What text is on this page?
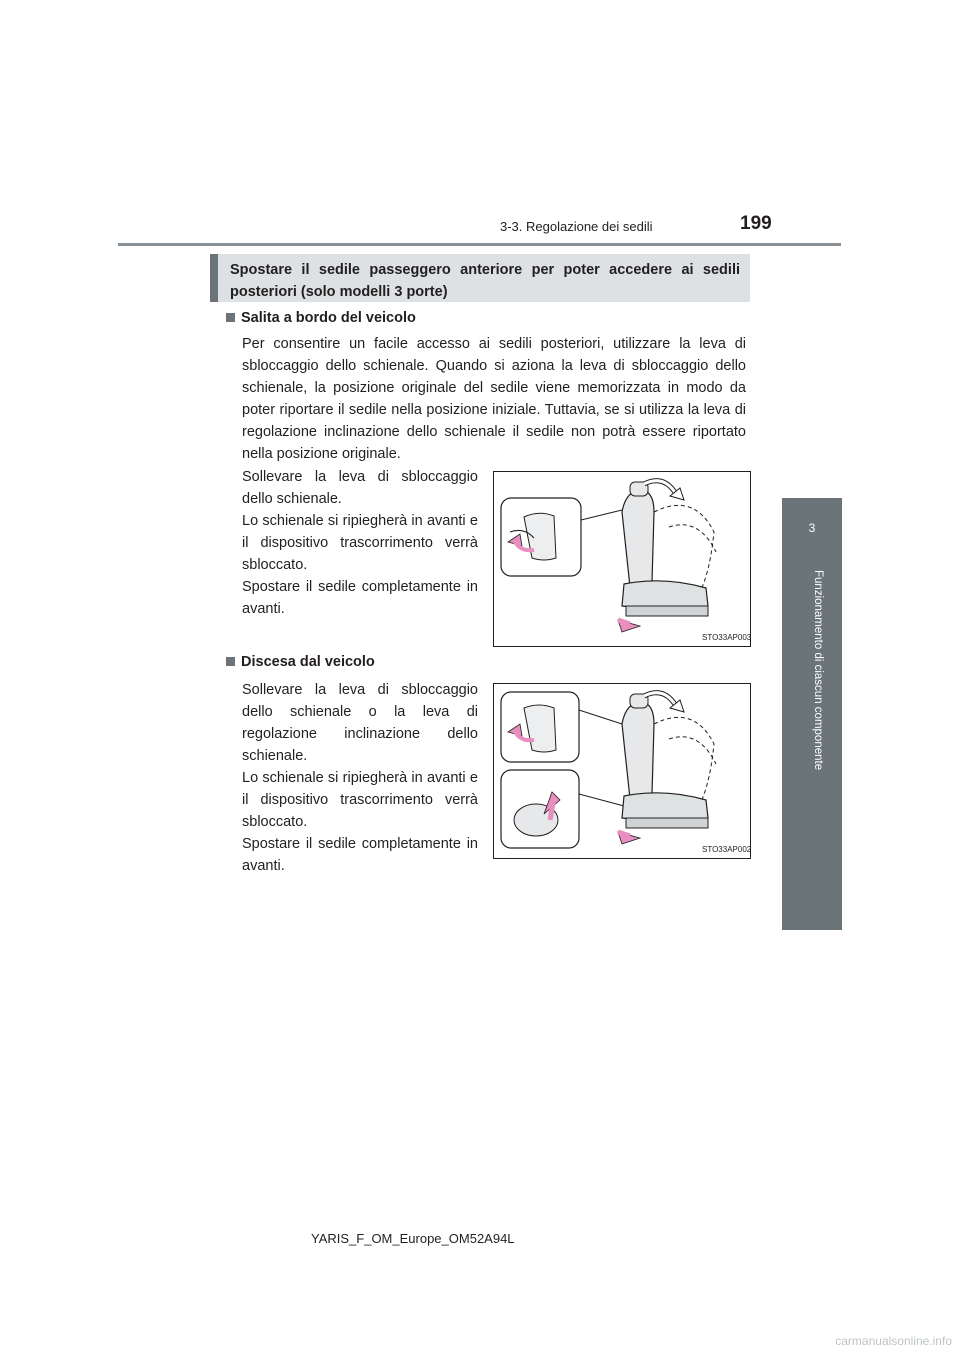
3-3. Regolazione dei sedili	199
3
Funzionamento di ciascun componente
Spostare il sedile passeggero anteriore per poter accedere ai sedili posteriori (solo modelli 3 porte)
Salita a bordo del veicolo
Per consentire un facile accesso ai sedili posteriori, utilizzare la leva di sbloccaggio dello schienale. Quando si aziona la leva di sbloccaggio dello schienale, la posizione originale del sedile viene memorizzata in modo da poter riportare il sedile nella posizione iniziale. Tuttavia, se si utilizza la leva di regolazione inclinazione dello schienale il sedile non potrà essere riportato nella posizione originale.
Sollevare la leva di sbloccaggio dello schienale.
Lo schienale si ripiegherà in avanti e il dispositivo trascorrimento verrà sbloccato.
Spostare il sedile completamente in avanti.
STO33AP003
Discesa dal veicolo
Sollevare la leva di sbloccaggio dello schienale o la leva di regolazione inclinazione dello schienale.
Lo schienale si ripiegherà in avanti e il dispositivo trascorrimento verrà sbloccato.
Spostare il sedile completamente in avanti.
STO33AP002
YARIS_F_OM_Europe_OM52A94L
carmanualsonline.info
